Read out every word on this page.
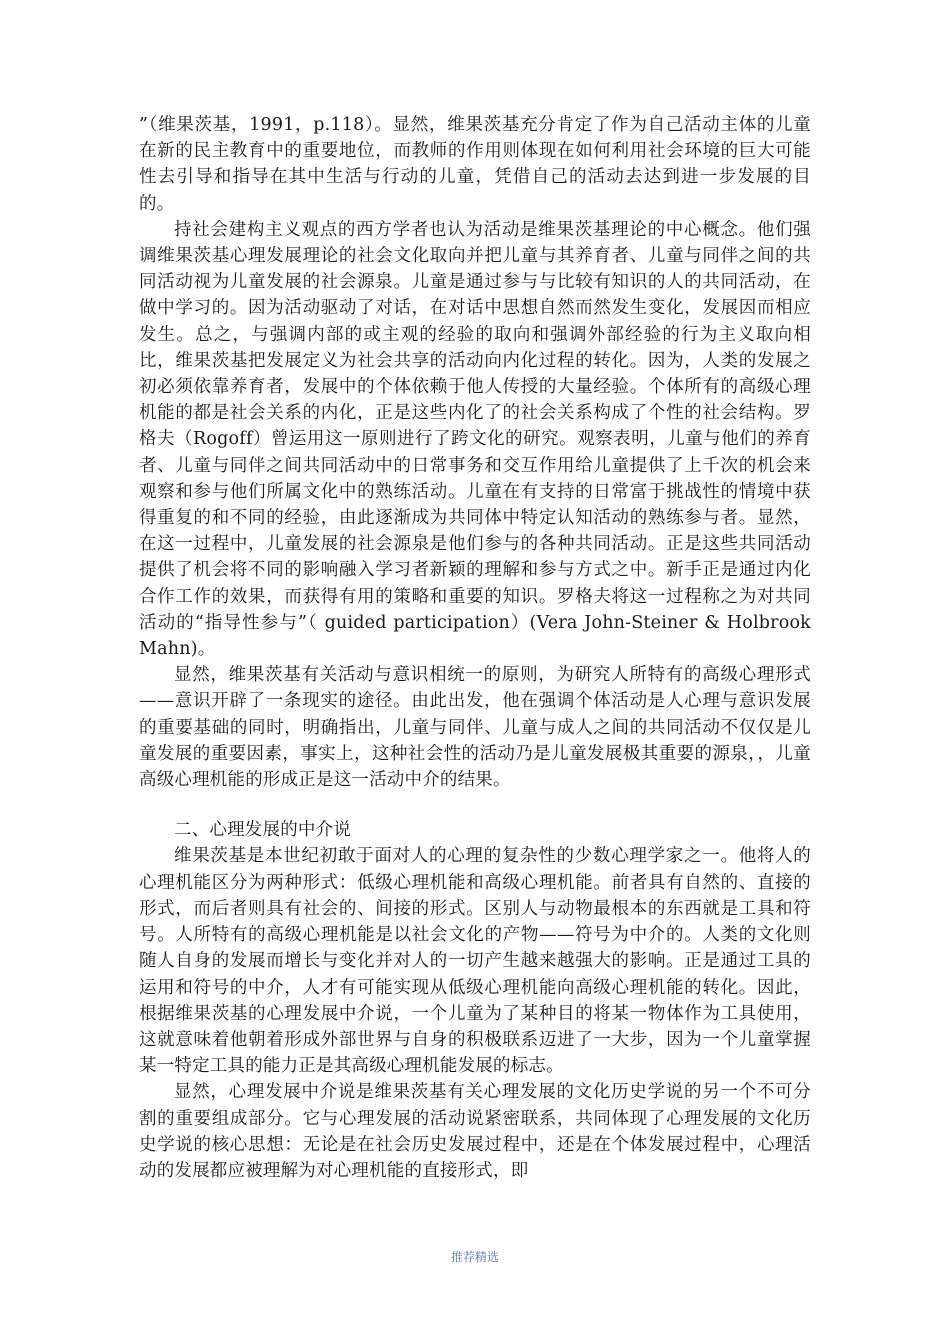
”（维果茨基，1991，p.118）。显然，维果茨基充分肯定了作为自己活动主体的儿童在新的民主教育中的重要地位，而教师的作用则体现在如何利用社会环境的巨大可能性去引导和指导在其中生活与行动的儿童，凭借自己的活动去达到进一步发展的目的。

持社会建构主义观点的西方学者也认为活动是维果茨基理论的中心概念。他们强调维果茨基心理发展理论的社会文化取向并把儿童与其养育者、儿童与同伴之间的共同活动视为儿童发展的社会源泉。儿童是通过参与与比较有知识的人的共同活动，在做中学习的。因为活动驱动了对话，在对话中思想自然而然发生变化，发展因而相应发生。总之，与强调内部的或主观的经验的取向和强调外部经验的行为主义取向相比，维果茨基把发展定义为社会共享的活动向内化过程的转化。因为，人类的发展之初必须依靠养育者，发展中的个体依赖于他人传授的大量经验。个体所有的高级心理机能的都是社会关系的内化，正是这些内化了的社会关系构成了个性的社会结构。罗格夫（Rogoff）曾运用这一原则进行了跨文化的研究。观察表明，儿童与他们的养育者、儿童与同伴之间共同活动中的日常事务和交互作用给儿童提供了上千次的机会来观察和参与他们所属文化中的熟练活动。儿童在有支持的日常富于挑战性的情境中获得重复的和不同的经验，由此逐渐成为共同体中特定认知活动的熟练参与者。显然，在这一过程中，儿童发展的社会源泉是他们参与的各种共同活动。正是这些共同活动提供了机会将不同的影响融入学习者新颖的理解和参与方式之中。新手正是通过内化合作工作的效果，而获得有用的策略和重要的知识。罗格夫将这一过程称之为对共同活动的“指导性参与”（ guided participation）(Vera John-Steiner & Holbrook Mahn)。

显然，维果茨基有关活动与意识相统一的原则，为研究人所特有的高级心理形式——意识开辟了一条现实的途径。由此出发，他在强调个体活动是人心理与意识发展的重要基础的同时，明确指出，儿童与同伴、儿童与成人之间的共同活动不仅仅是儿童发展的重要因素，事实上，这种社会性的活动乃是儿童发展极其重要的源泉，，儿童高级心理机能的形成正是这一活动中介的结果。

二、心理发展的中介说

维果茨基是本世纪初敢于面对人的心理的复杂性的少数心理学家之一。他将人的心理机能区分为两种形式：低级心理机能和高级心理机能。前者具有自然的、直接的形式，而后者则具有社会的、间接的形式。区别人与动物最根本的东西就是工具和符号。人所特有的高级心理机能是以社会文化的产物——符号为中介的。人类的文化则随人自身的发展而增长与变化并对人的一切产生越来越强大的影响。正是通过工具的运用和符号的中介，人才有可能实现从低级心理机能向高级心理机能的转化。因此，根据维果茨基的心理发展中介说，一个儿童为了某种目的将某一物体作为工具使用，这就意味着他朝着形成外部世界与自身的积极联系迈进了一大步，因为一个儿童掌握某一特定工具的能力正是其高级心理机能发展的标志。

显然，心理发展中介说是维果茨基有关心理发展的文化历史学说的另一个不可分割的重要组成部分。它与心理发展的活动说紧密联系，共同体现了心理发展的文化历史学说的核心思想：无论是在社会历史发展过程中，还是在个体发展过程中，心理活动的发展都应被理解为对心理机能的直接形式，即

推荐精选
